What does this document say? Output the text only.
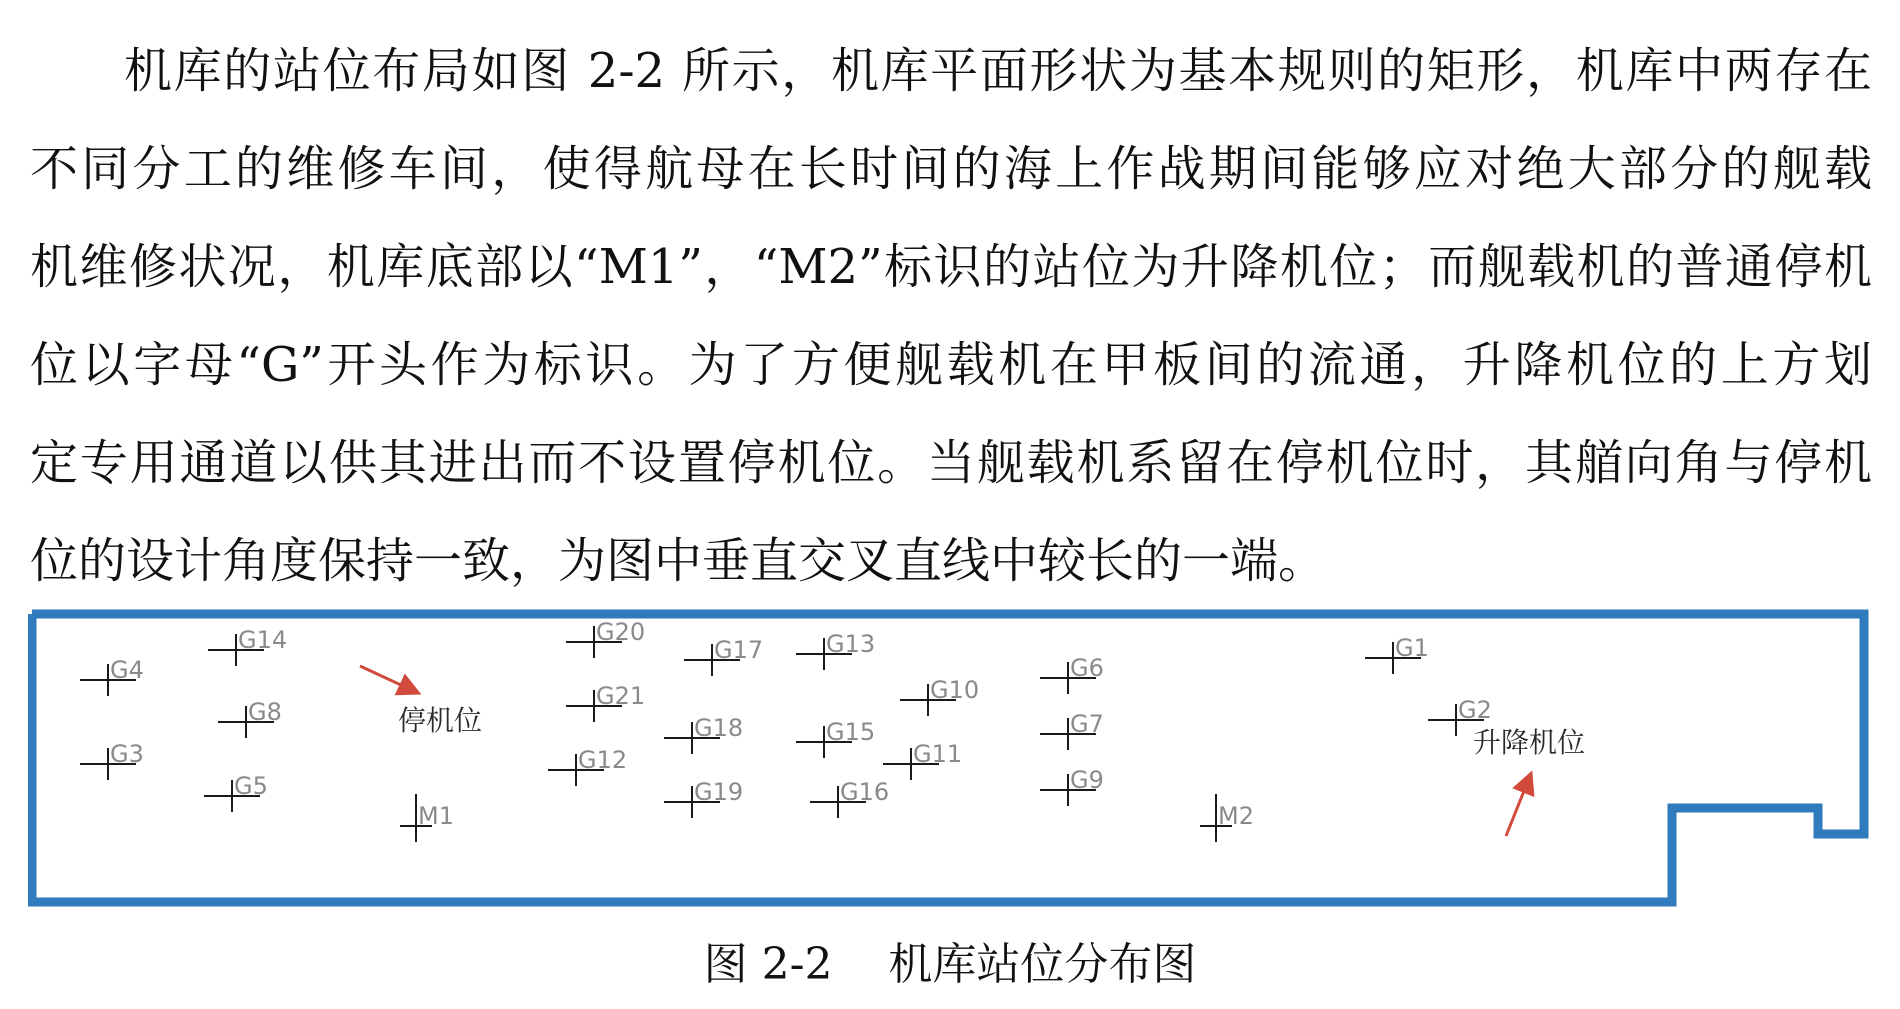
机库的站位布局如图 2-2 所示，机库平面形状为基本规则的矩形，机库中两存在
不同分工的维修车间，使得航母在长时间的海上作战期间能够应对绝大部分的舰载
机维修状况，机库底部以“M1”，“M2”标识的站位为升降机位；而舰载机的普通停机
位以字母“G”开头作为标识。为了方便舰载机在甲板间的流通，升降机位的上方划
定专用通道以供其进出而不设置停机位。当舰载机系留在停机位时，其艏向角与停机
位的设计角度保持一致，为图中垂直交叉直线中较长的一端。
停机位
升降机位
G1
G2
G3
G4
G5
G6
G7
G8
G9
G10
G11
G12
G13
G14
G15
G16
G17
G18
G19
G20
G21
M1	M2
图 2-2    机库站位分布图
